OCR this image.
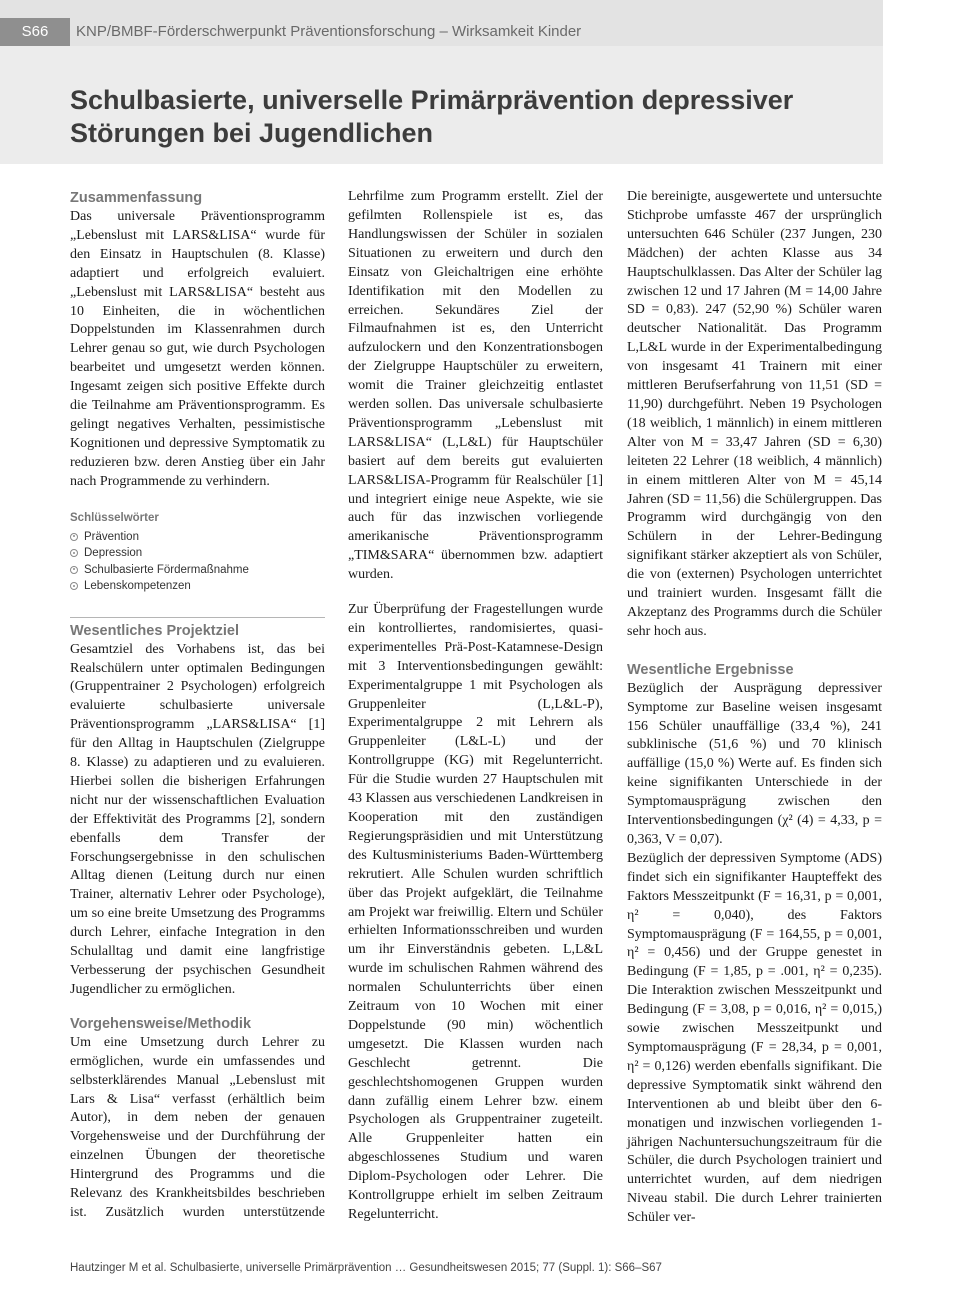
S66	KNP/BMBF-Förderschwerpunkt Präventionsforschung – Wirksamkeit Kinder
Schulbasierte, universelle Primärprävention depressiver
Störungen bei Jugendlichen
Zusammenfassung

Das universale Präventionsprogramm „Lebenslust mit LARS&LISA“ wurde für den Einsatz in Hauptschulen (8. Klasse) adaptiert und erfolgreich evaluiert. „Lebenslust mit LARS&LISA“ besteht aus 10 Einheiten, die in wöchentlichen Doppelstunden im Klassenrahmen durch Lehrer genau so gut, wie durch Psychologen bearbeitet und umgesetzt werden können. Ingesamt zeigen sich positive Effekte durch die Teilnahme am Präventionsprogramm. Es gelingt negatives Verhalten, pessimistische Kognitionen und depressive Symptomatik zu reduzieren bzw. deren Anstieg über ein Jahr nach Programmende zu verhindern.

Schlüsselwörter
Prävention
Depression
Schulbasierte Fördermaßnahme
Lebenskompetenzen
Wesentliches Projektziel

Gesamtziel des Vorhabens ist, das bei Realschülern unter optimalen Bedingungen (Gruppentrainer 2 Psychologen) erfolgreich evaluierte schulbasierte universale Präventionsprogramm „LARS&LISA“ [1] für den Alltag in Hauptschulen (Zielgruppe 8. Klasse) zu adaptieren und zu evaluieren. Hierbei sollen die bisherigen Erfahrungen nicht nur der wissenschaftlichen Evaluation der Effektivität des Programms [2], sondern ebenfalls dem Transfer der Forschungsergebnisse in den schulischen Alltag dienen (Leitung durch nur einen Trainer, alternativ Lehrer oder Psychologe), um so eine breite Umsetzung des Programms durch Lehrer, einfache Integration in den Schulalltag und damit eine langfristige Verbesserung der psychischen Gesundheit Jugendlicher zu ermöglichen.

Vorgehensweise/Methodik

Um eine Umsetzung durch Lehrer zu ermöglichen, wurde ein umfassendes und selbsterklärendes Manual „Lebenslust mit Lars & Lisa“ verfasst (erhältlich beim Autor), in dem neben der genauen Vorgehensweise und der Durchführung der einzelnen Übungen der theoretische Hintergrund des Programms und die Relevanz des Krankheitsbildes beschrieben ist. Zusätzlich wurden unterstützende

Lehrfilme zum Programm erstellt. Ziel der gefilmten Rollenspiele ist es, das Handlungswissen der Schüler in sozialen Situationen zu erweitern und durch den Einsatz von Gleichaltrigen eine erhöhte Identifikation mit den Modellen zu erreichen. Sekundäres Ziel der Filmaufnahmen ist es, den Unterricht aufzulockern und den Konzentrationsbogen der Zielgruppe Hauptschüler zu erweitern, womit die Trainer gleichzeitig entlastet werden sollen. Das universale schulbasierte Präventionsprogramm „Lebenslust mit LARS&LISA“ (L,L&L) für Hauptschüler basiert auf dem bereits gut evaluierten LARS&LISA-Programm für Realschüler [1] und integriert einige neue Aspekte, wie sie auch für das inzwischen vorliegende amerikanische Präventionsprogramm „TIM&SARA“ übernommen bzw. adaptiert wurden.

Zur Überprüfung der Fragestellungen wurde ein kontrolliertes, randomisiertes, quasi-experimentelles Prä-Post-Katamnese-Design mit 3 Interventionsbedingungen gewählt: Experimentalgruppe 1 mit Psychologen als Gruppenleiter (L,L&L-P), Experimentalgruppe 2 mit Lehrern als Gruppenleiter (L&L-L) und der Kontrollgruppe (KG) mit Regelunterricht. Für die Studie wurden 27 Hauptschulen mit 43 Klassen aus verschiedenen Landkreisen in Kooperation mit den zuständigen Regierungspräsidien und mit Unterstützung des Kultusministeriums Baden-Württemberg rekrutiert. Alle Schulen wurden schriftlich über das Projekt aufgeklärt, die Teilnahme am Projekt war freiwillig. Eltern und Schüler erhielten Informationsschreiben und wurden um ihr Einverständnis gebeten. L,L&L wurde im schulischen Rahmen während des normalen Schulunterrichts über einen Zeitraum von 10 Wochen mit einer Doppelstunde (90 min) wöchentlich umgesetzt. Die Klassen wurden nach Geschlecht getrennt. Die geschlechtshomogenen Gruppen wurden dann zufällig einem Lehrer bzw. einem Psychologen als Gruppentrainer zugeteilt. Alle Gruppenleiter hatten ein abgeschlossenes Studium und waren Diplom-Psychologen oder Lehrer. Die Kontrollgruppe erhielt im selben Zeitraum Regelunterricht.

Die bereinigte, ausgewertete und untersuchte Stichprobe umfasste 467 der ursprünglich untersuchten 646 Schüler (237 Jungen, 230 Mädchen) der achten Klasse aus 34 Hauptschulklassen. Das Alter der Schüler lag zwischen 12 und 17 Jahren (M = 14,00 Jahre SD = 0,83). 247 (52,90 %) Schüler waren deutscher Nationalität. Das Programm L,L&L wurde in der Experimentalbedingung von insgesamt 41 Trainern mit einer mittleren Berufserfahrung von 11,51 (SD = 11,90) durchgeführt. Neben 19 Psychologen (18 weiblich, 1 männlich) in einem mittleren Alter von M = 33,47 Jahren (SD = 6,30) leiteten 22 Lehrer (18 weiblich, 4 männlich) in einem mittleren Alter von M = 45,14 Jahren (SD = 11,56) die Schülergruppen. Das Programm wird durchgängig von den Schülern in der Lehrer-Bedingung signifikant stärker akzeptiert als von Schüler, die von (externen) Psychologen unterrichtet und trainiert wurden. Insgesamt fällt die Akzeptanz des Programms durch die Schüler sehr hoch aus.

Wesentliche Ergebnisse

Bezüglich der Ausprägung depressiver Symptome zur Baseline weisen insgesamt 156 Schüler unauffällige (33,4 %), 241 subklinische (51,6 %) und 70 klinisch auffällige (15,0 %) Werte auf. Es finden sich keine signifikanten Unterschiede in der Symptomausprägung zwischen den Interventionsbedingungen (χ² (4) = 4,33, p = 0,363, V = 0,07).

Bezüglich der depressiven Symptome (ADS) findet sich ein signifikanter Haupteffekt des Faktors Messzeitpunkt (F = 16,31, p = 0,001, η² = 0,040), des Faktors Symptomausprägung (F = 164,55, p = 0,001, η² = 0,456) und der Gruppe genestet in Bedingung (F = 1,85, p = .001, η² = 0,235). Die Interaktion zwischen Messzeitpunkt und Bedingung (F = 3,08, p = 0,016, η² = 0,015,) sowie zwischen Messzeitpunkt und Symptomausprägung (F = 28,34, p = 0,001, η² = 0,126) werden ebenfalls signifikant. Die depressive Symptomatik sinkt während den Interventionen ab und bleibt über den 6-monatigen und inzwischen vorliegenden 1-jährigen Nachuntersuchungszeitraum für die Schüler, die durch Psychologen trainiert und unterrichtet wurden, auf dem niedrigen Niveau stabil. Die durch Lehrer trainierten Schüler ver-

Hautzinger M et al. Schulbasierte, universelle Primärprävention … Gesundheitswesen 2015; 77 (Suppl. 1): S66–S67
